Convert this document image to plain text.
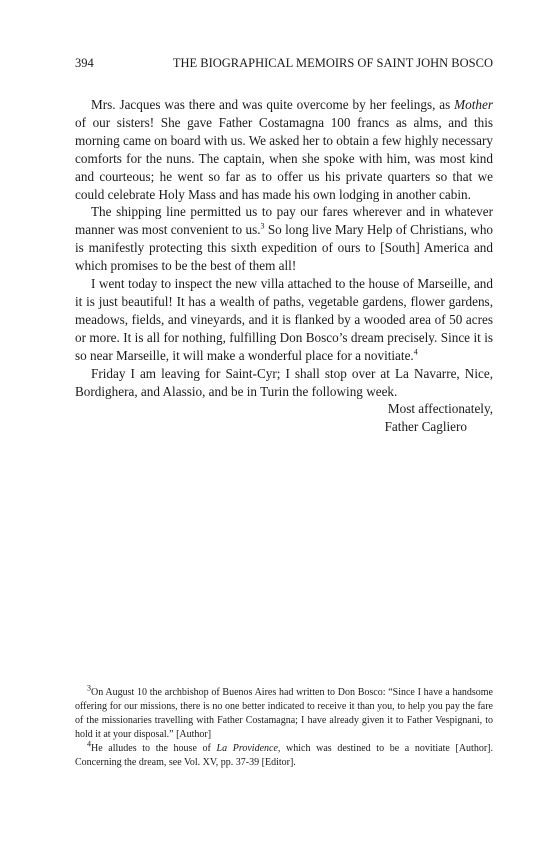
394	THE BIOGRAPHICAL MEMOIRS OF SAINT JOHN BOSCO

Mrs. Jacques was there and was quite overcome by her feelings, as Mother of our sisters! She gave Father Costamagna 100 francs as alms, and this morning came on board with us. We asked her to obtain a few highly necessary comforts for the nuns. The captain, when she spoke with him, was most kind and courteous; he went so far as to offer us his private quarters so that we could celebrate Holy Mass and has made his own lodging in another cabin.

The shipping line permitted us to pay our fares wherever and in whatever manner was most convenient to us.$^3$ So long live Mary Help of Christians, who is manifestly protecting this sixth expedition of ours to [South] America and which promises to be the best of them all!

I went today to inspect the new villa attached to the house of Marseille, and it is just beautiful! It has a wealth of paths, vegetable gardens, flower gardens, meadows, fields, and vineyards, and it is flanked by a wooded area of 50 acres or more. It is all for nothing, fulfilling Don Bosco’s dream precisely. Since it is so near Marseille, it will make a wonderful place for a novitiate.$^4$

Friday I am leaving for Saint-Cyr; I shall stop over at La Navarre, Nice, Bordighera, and Alassio, and be in Turin the following week.

Most affectionately,
Father Cagliero

$^3$On August 10 the archbishop of Buenos Aires had written to Don Bosco: “Since I have a handsome offering for our missions, there is no one better indicated to receive it than you, to help you pay the fare of the missionaries travelling with Father Costamagna; I have already given it to Father Vespignani, to hold it at your disposal.” [Author]

$^4$He alludes to the house of La Providence, which was destined to be a novitiate [Author]. Concerning the dream, see Vol. XV, pp. 37-39 [Editor].
